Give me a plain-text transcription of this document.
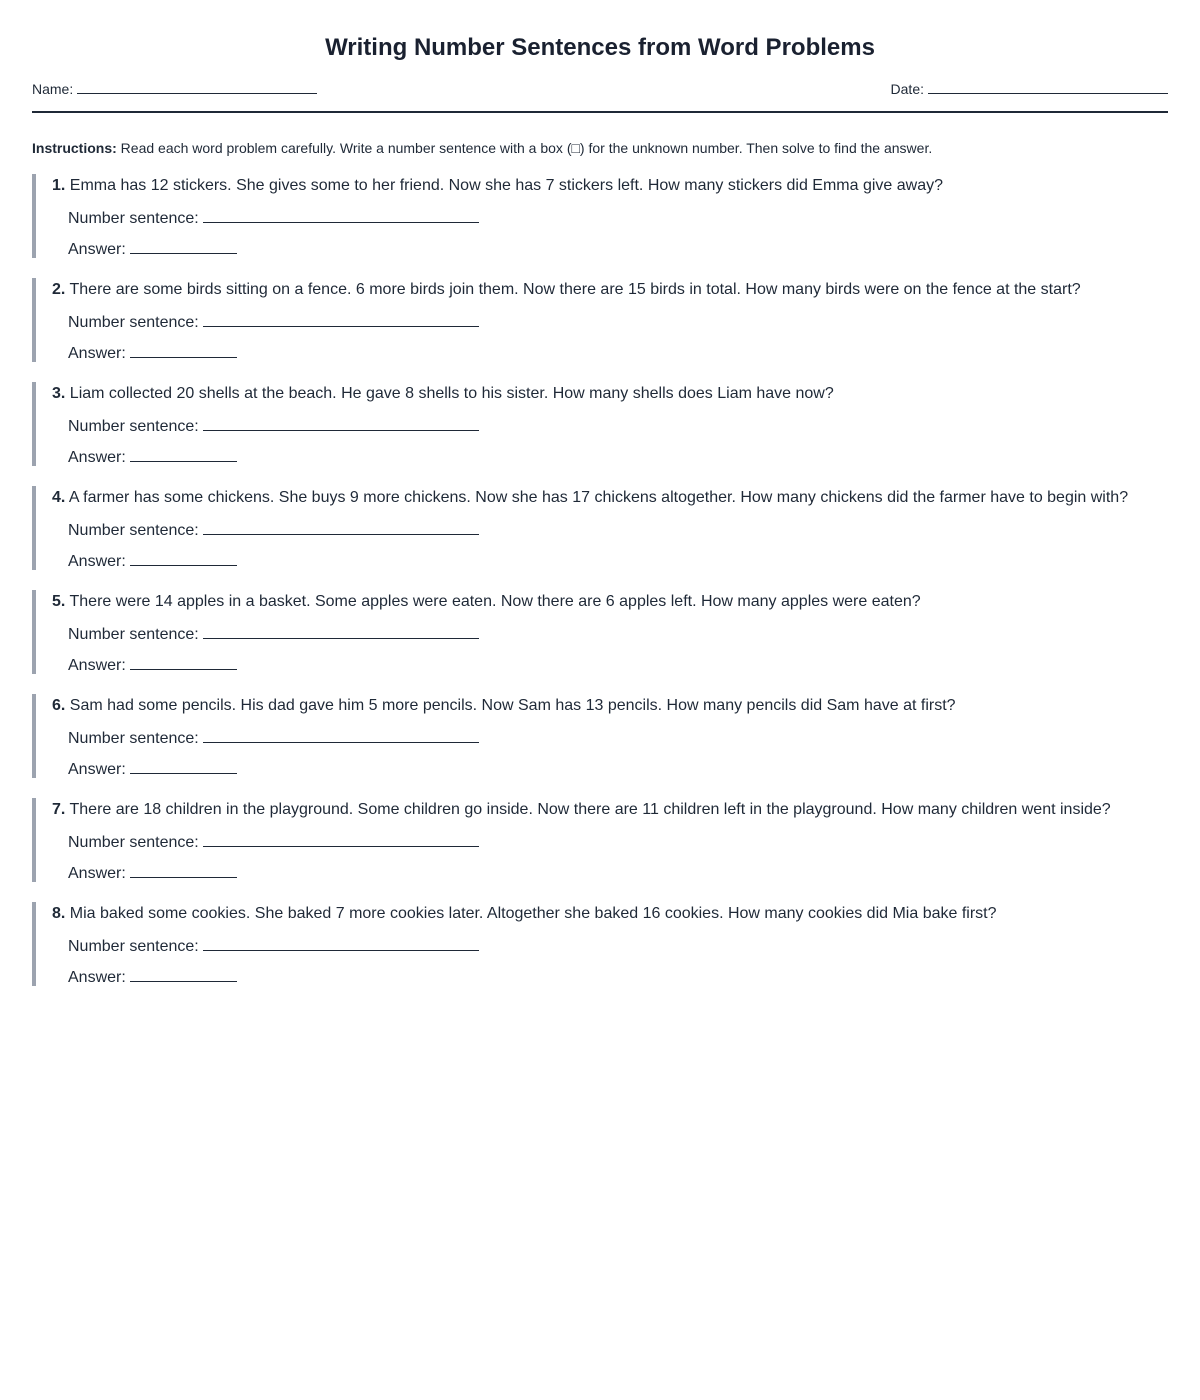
Writing Number Sentences from Word Problems
Name:	Date:
Instructions: Read each word problem carefully. Write a number sentence with a box (□) for the unknown number. Then solve to find the answer.
1. Emma has 12 stickers. She gives some to her friend. Now she has 7 stickers left. How many stickers did Emma give away?
Number sentence:
Answer:
2. There are some birds sitting on a fence. 6 more birds join them. Now there are 15 birds in total. How many birds were on the fence at the start?
Number sentence:
Answer:
3. Liam collected 20 shells at the beach. He gave 8 shells to his sister. How many shells does Liam have now?
Number sentence:
Answer:
4. A farmer has some chickens. She buys 9 more chickens. Now she has 17 chickens altogether. How many chickens did the farmer have to begin with?
Number sentence:
Answer:
5. There were 14 apples in a basket. Some apples were eaten. Now there are 6 apples left. How many apples were eaten?
Number sentence:
Answer:
6. Sam had some pencils. His dad gave him 5 more pencils. Now Sam has 13 pencils. How many pencils did Sam have at first?
Number sentence:
Answer:
7. There are 18 children in the playground. Some children go inside. Now there are 11 children left in the playground. How many children went inside?
Number sentence:
Answer:
8. Mia baked some cookies. She baked 7 more cookies later. Altogether she baked 16 cookies. How many cookies did Mia bake first?
Number sentence:
Answer:
